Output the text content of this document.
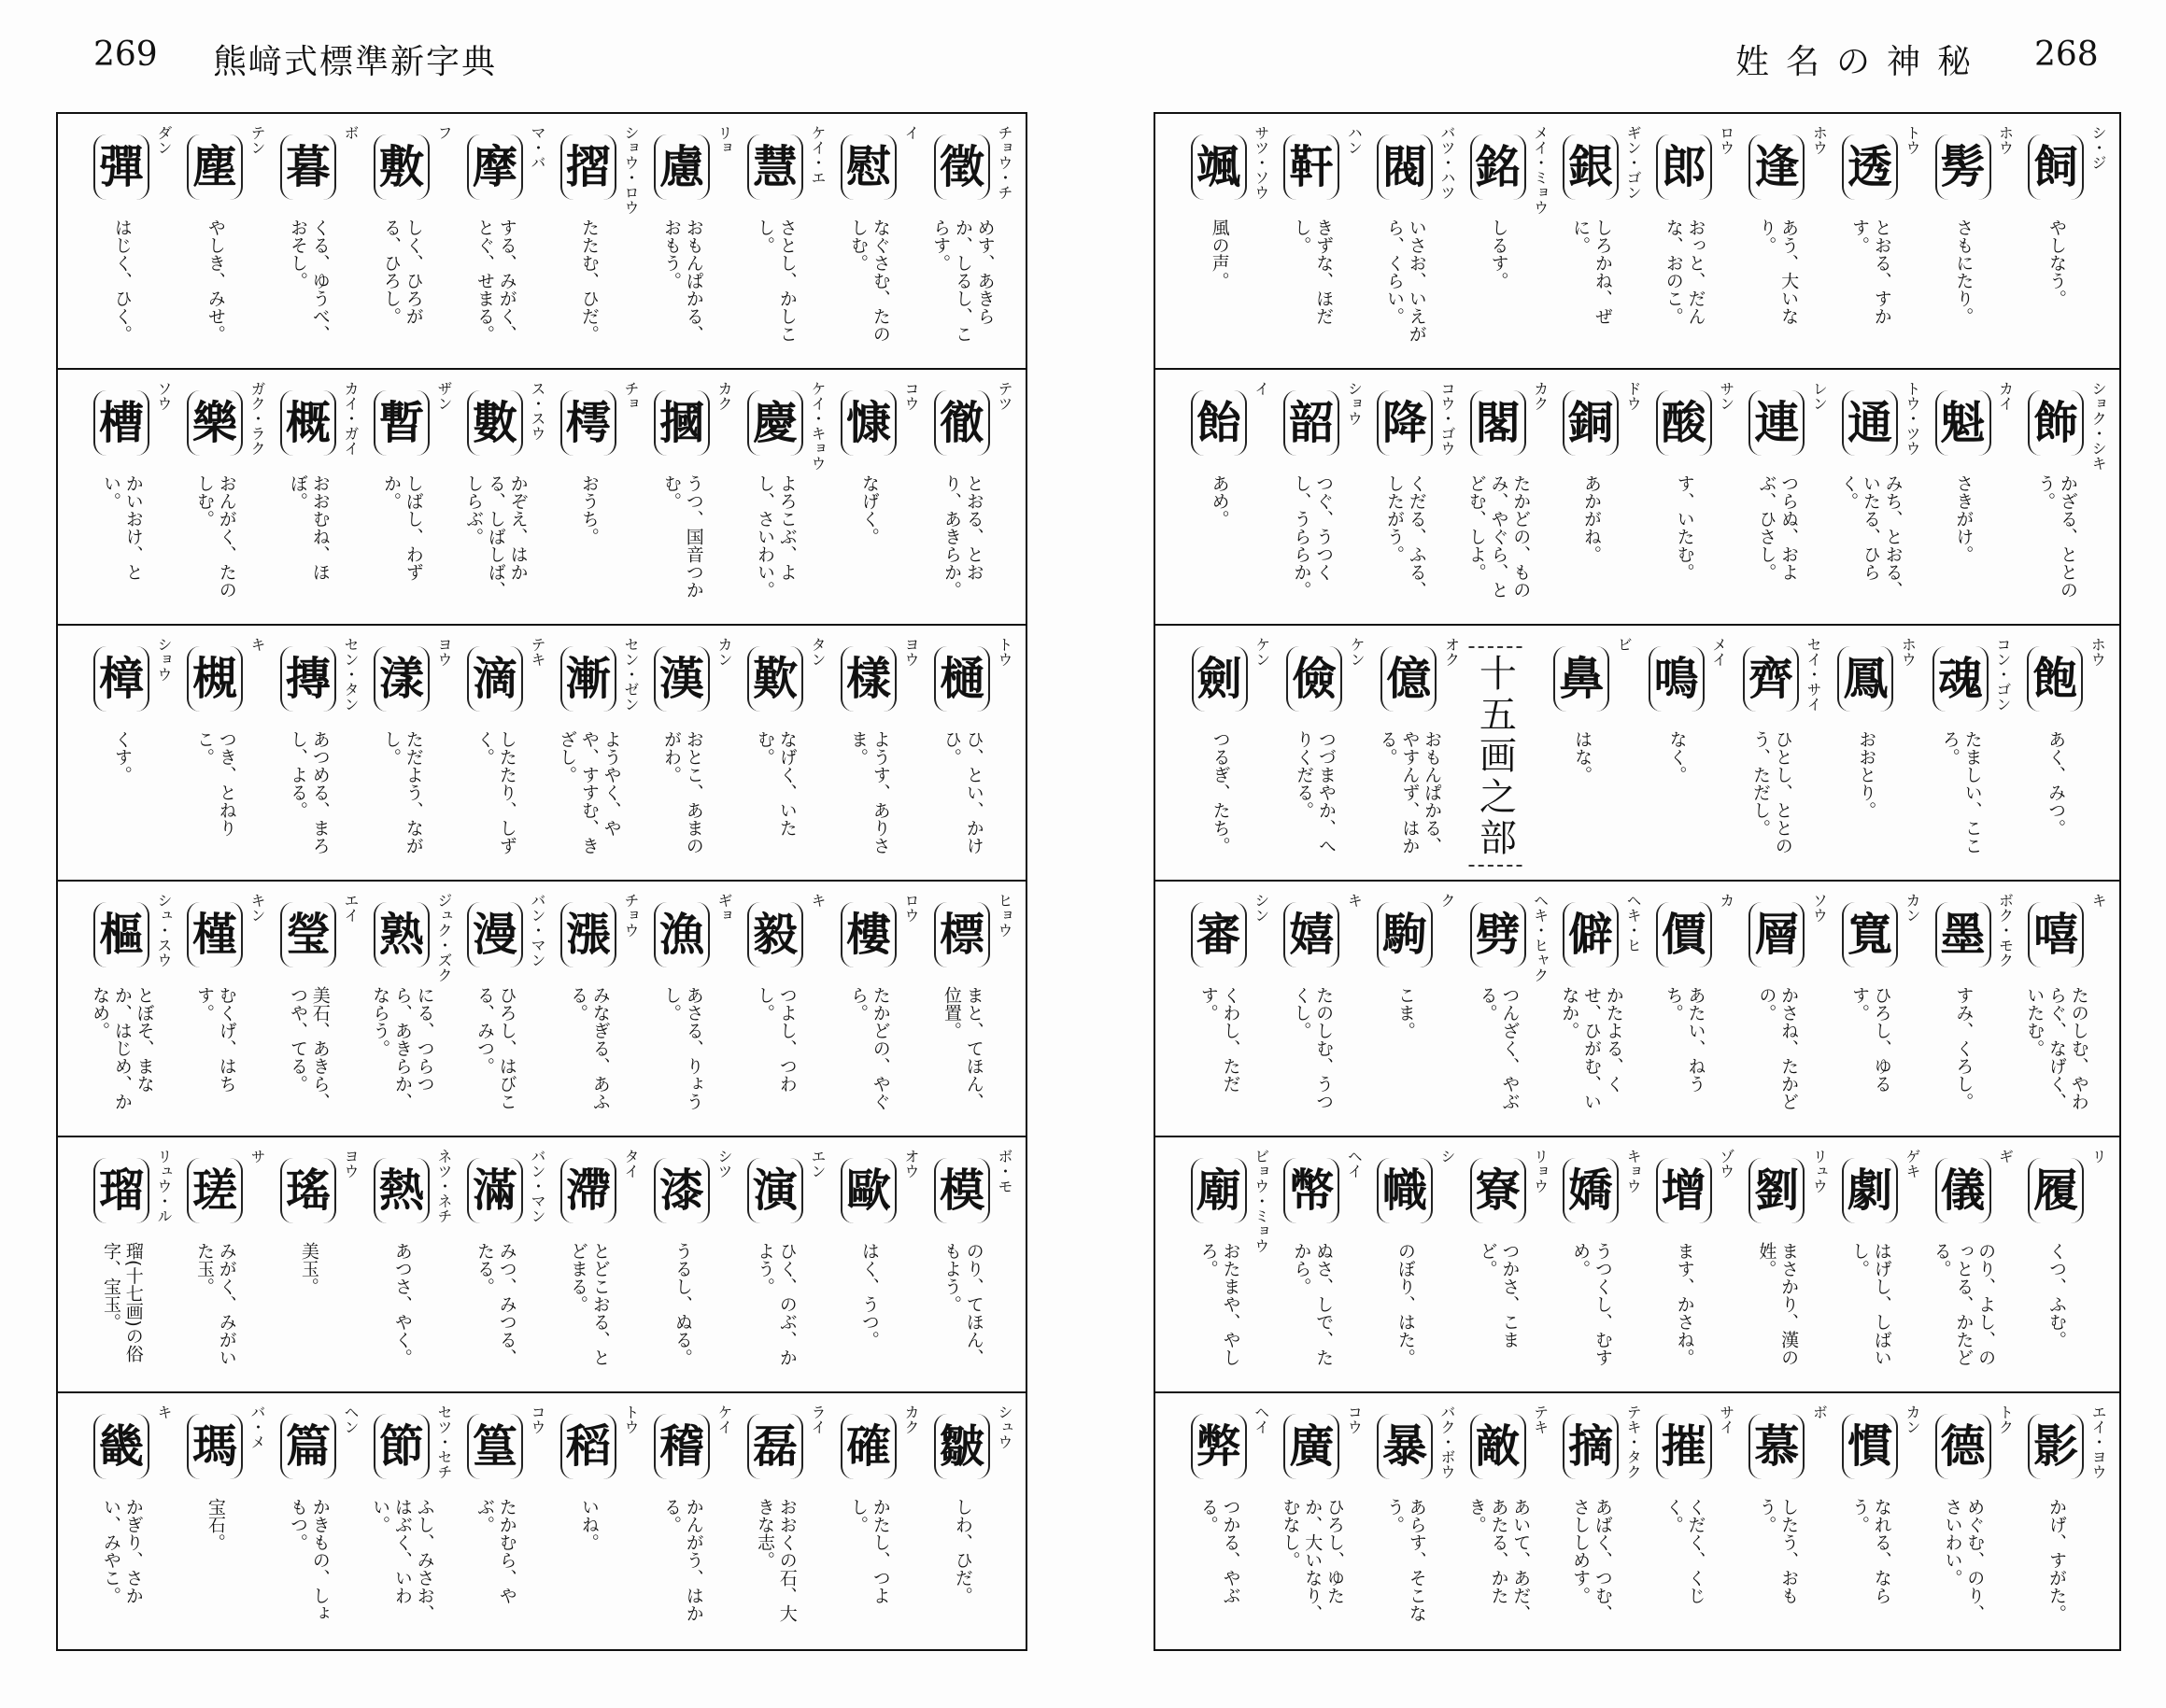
269 熊﨑式標準新字典	姓名の神秘 268
徵 チョウ・チ
めす、あきらか、しるし、こらす。
慰
イ
なぐさむ、たのしむ。
慧 ケイ・エ
さとし、かしこし。
慮
リョ
おもんぱかる、おもう。
摺 ショウ・ロウ
たたむ、ひだ。
摩 マ・バ
する、みがく、とぐ、せまる。
敷
フ
しく、ひろがる、ひろし。
暮
ボ
くる、ゆうべ、おそし。
塵
テン
やしき、みせ。
彈
ダン
はじく、ひく。
徹
テツ
とおる、とおり、あきらか。
慷
コウ
なげく。
慶 ケイ・キョウ
よろこぶ、よし、さいわい。
摑
カク
うつ、国音つかむ。
樗
チョ
おうち。
數 ス・スウ
かぞえ、はかる、しばしば、しらぶ。
暫
ザン
しばし、わずか。
概 カイ・ガイ
おおむね、ほぼ。
樂 ガク・ラク
おんがく、たのしむ。
槽
ソウ
かいおけ、とい。
樋
トウ
ひ、とい、かけひ。
樣
ヨウ
ようす、ありさま。
歎
タン
なげく、いたむ。
漢
カン
おとこ、あまのがわ。
漸 セン・ゼン
ようやく、やや、すすむ、きざし。
滴
テキ
したたり、しずく。
漾
ヨウ
ただよう、ながし。
摶 セン・タン
あつめる、まろし、よる。
槻
キ
つき、とねりこ。
樟 ショウ
くす。
標 ヒョウ
まと、てほん、位置。
樓
ロウ
たかどの、やぐら。
毅
キ
つよし、つわし。
漁
ギョ
あさる、りょうし。
漲 チョウ
みなぎる、あふる。
漫 バン・マン
ひろし、はびこる、みつ。
熟 ジュク・ズク
にる、つらつら、あきらか、ならう。
瑩
エイ
美石、あきら、つや、てる。
槿
キン
むくげ、はちす。
樞 シュ・スウ
とぼそ、まなか、はじめ、かなめ。
模 ボ・モ
のり、てほん、もよう。
歐
オウ
はく、うつ。
演
エン
ひく、のぶ、かよう。
漆
シツ
うるし、ぬる。
滯
タイ
とどこおる、とどまる。
滿 バン・マン
みつ、みつる、たる。
熱 ネツ・ネチ
あつさ、やく。
瑤
ヨウ
美玉。
瑳
サ
みがく、みがいた玉。
瑠 リュウ・ル
瑠(十七画)の俗字、宝玉。
皺 シュウ
しわ、ひだ。
確
カク
かたし、つよし。
磊
ライ
おおくの石、大きな志。
稽
ケイ
かんがう、はかる。
稻
トウ
いね。
篁
コウ
たかむら、やぶ。
節 セツ・セチ
ふし、みさお、はぶく、いわい。
篇
ヘン
かきもの、しょもつ。
瑪 バ・メ
宝石。
畿
キ
かぎり、さかい、みやこ。
飼 シ・ジ
やしなう。
髣
ホウ
さもにたり。
透
トウ
とおる、すかす。
逢
ホウ
あう、大いなり。
郎
ロウ
おっと、だんな、おのこ。
銀 ギン・ゴン
しろかね、ぜに。
銘 メイ・ミョウ
しるす。
閥 バツ・ハツ
いさお、いえがら、くらい。
靬
ハン
きずな、ほだし。
颯 サツ・ソウ
風の声。
飾 ショク・シキ
かざる、ととのう。
魁
カイ
さきがけ。
通 トウ・ツウ
みち、とおる、いたる、ひらく。
連
レン
つらぬ、およぶ、ひさし。
酸
サン
す、いたむ。
銅
ドウ
あかがね。
閣
カク
たかどの、ものみ、やぐら、とどむ、しよ。
降 コウ・ゴウ
くだる、ふる、したがう。
韶 ショウ
つぐ、うつくし、うららか。
飴
イ
あめ。
飽
ホウ
あく、みつ。
魂 コン・ゴン
たましい、こころ。
鳳
ホウ
おおとり。
齊 セイ・サイ
ひとし、ととのう、ただし。
鳴
メイ
なく。
鼻
ビ
はな。
十五画之部
億
オク
おもんぱかる、やすんず、はかる。
儉
ケン
つづまやか、へりくだる。
劍
ケン
つるぎ、たち。
嘻
キ
たのしむ、やわらぐ、なげく、いたむ。
墨 ボク・モク
すみ、くろし。
寬
カン
ひろし、ゆるす。
層
ソウ
かさね、たかどの。
價
カ
あたい、ねうち。
僻 ヘキ・ヒ
かたよる、くせ、ひがむ、いなか。
劈 ヘキ・ヒャク
つんざく、やぶる。
駒
ク
こま。
嬉
キ
たのしむ、うつくし。
審
シン
くわし、ただす。
履
リ
くつ、ふむ。
儀
ギ
のり、よし、のっとる、かたどる。
劇
ゲキ
はげし、しばいし。
劉 リュウ
まさかり、漢の姓。
增
ゾウ
ます、かさね。
嬌 キョウ
うつくし、むすめ。
寮 リョウ
つかさ、こまど。
幟
シ
のぼり、はた。
幣
ヘイ
ぬさ、しで、たから。
廟 ビョウ・ミョウ
おたまや、やしろ。
影 エイ・ヨウ
かげ、すがた。
德
トク
めぐむ、のり、さいわい。
慣
カン
なれる、ならう。
慕
ボ
したう、おもう。
摧
サイ
くだく、くじく。
摘 テキ・タク
あばく、つむ、さししめす。
敵
テキ
あいて、あだ、あたる、かたき。
暴 バク・ボウ
あらす、そこなう。
廣
コウ
ひろし、ゆたか、大いなり、むなし。
弊
ヘイ
つかる、やぶる。
